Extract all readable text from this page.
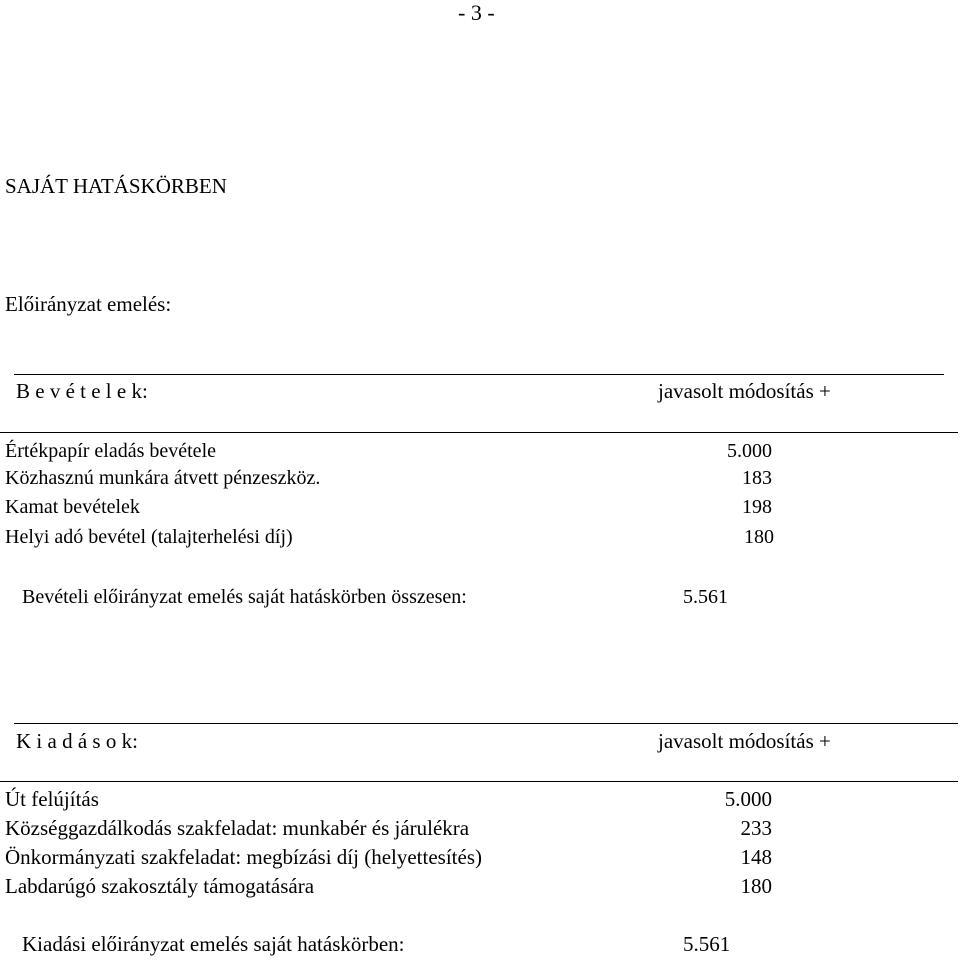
- 3 -
SAJÁT HATÁSKÖRBEN
Előirányzat emelés:
B e v é t e l e k:	javasolt módosítás +
Értékpapír eladás bevétele	5.000
Közhasznú munkára átvett pénzeszköz.	183
Kamat bevételek	198
Helyi adó bevétel (talajterhelési díj)	180
Bevételi előirányzat emelés saját hatáskörben összesen:	5.561
K i a d á s o k:	javasolt módosítás +
Út felújítás	5.000
Községgazdálkodás szakfeladat: munkabér és járulékra	233
Önkormányzati szakfeladat: megbízási díj (helyettesítés)	148
Labdarúgó szakosztály támogatására	180
Kiadási előirányzat emelés saját hatáskörben:	5.561
